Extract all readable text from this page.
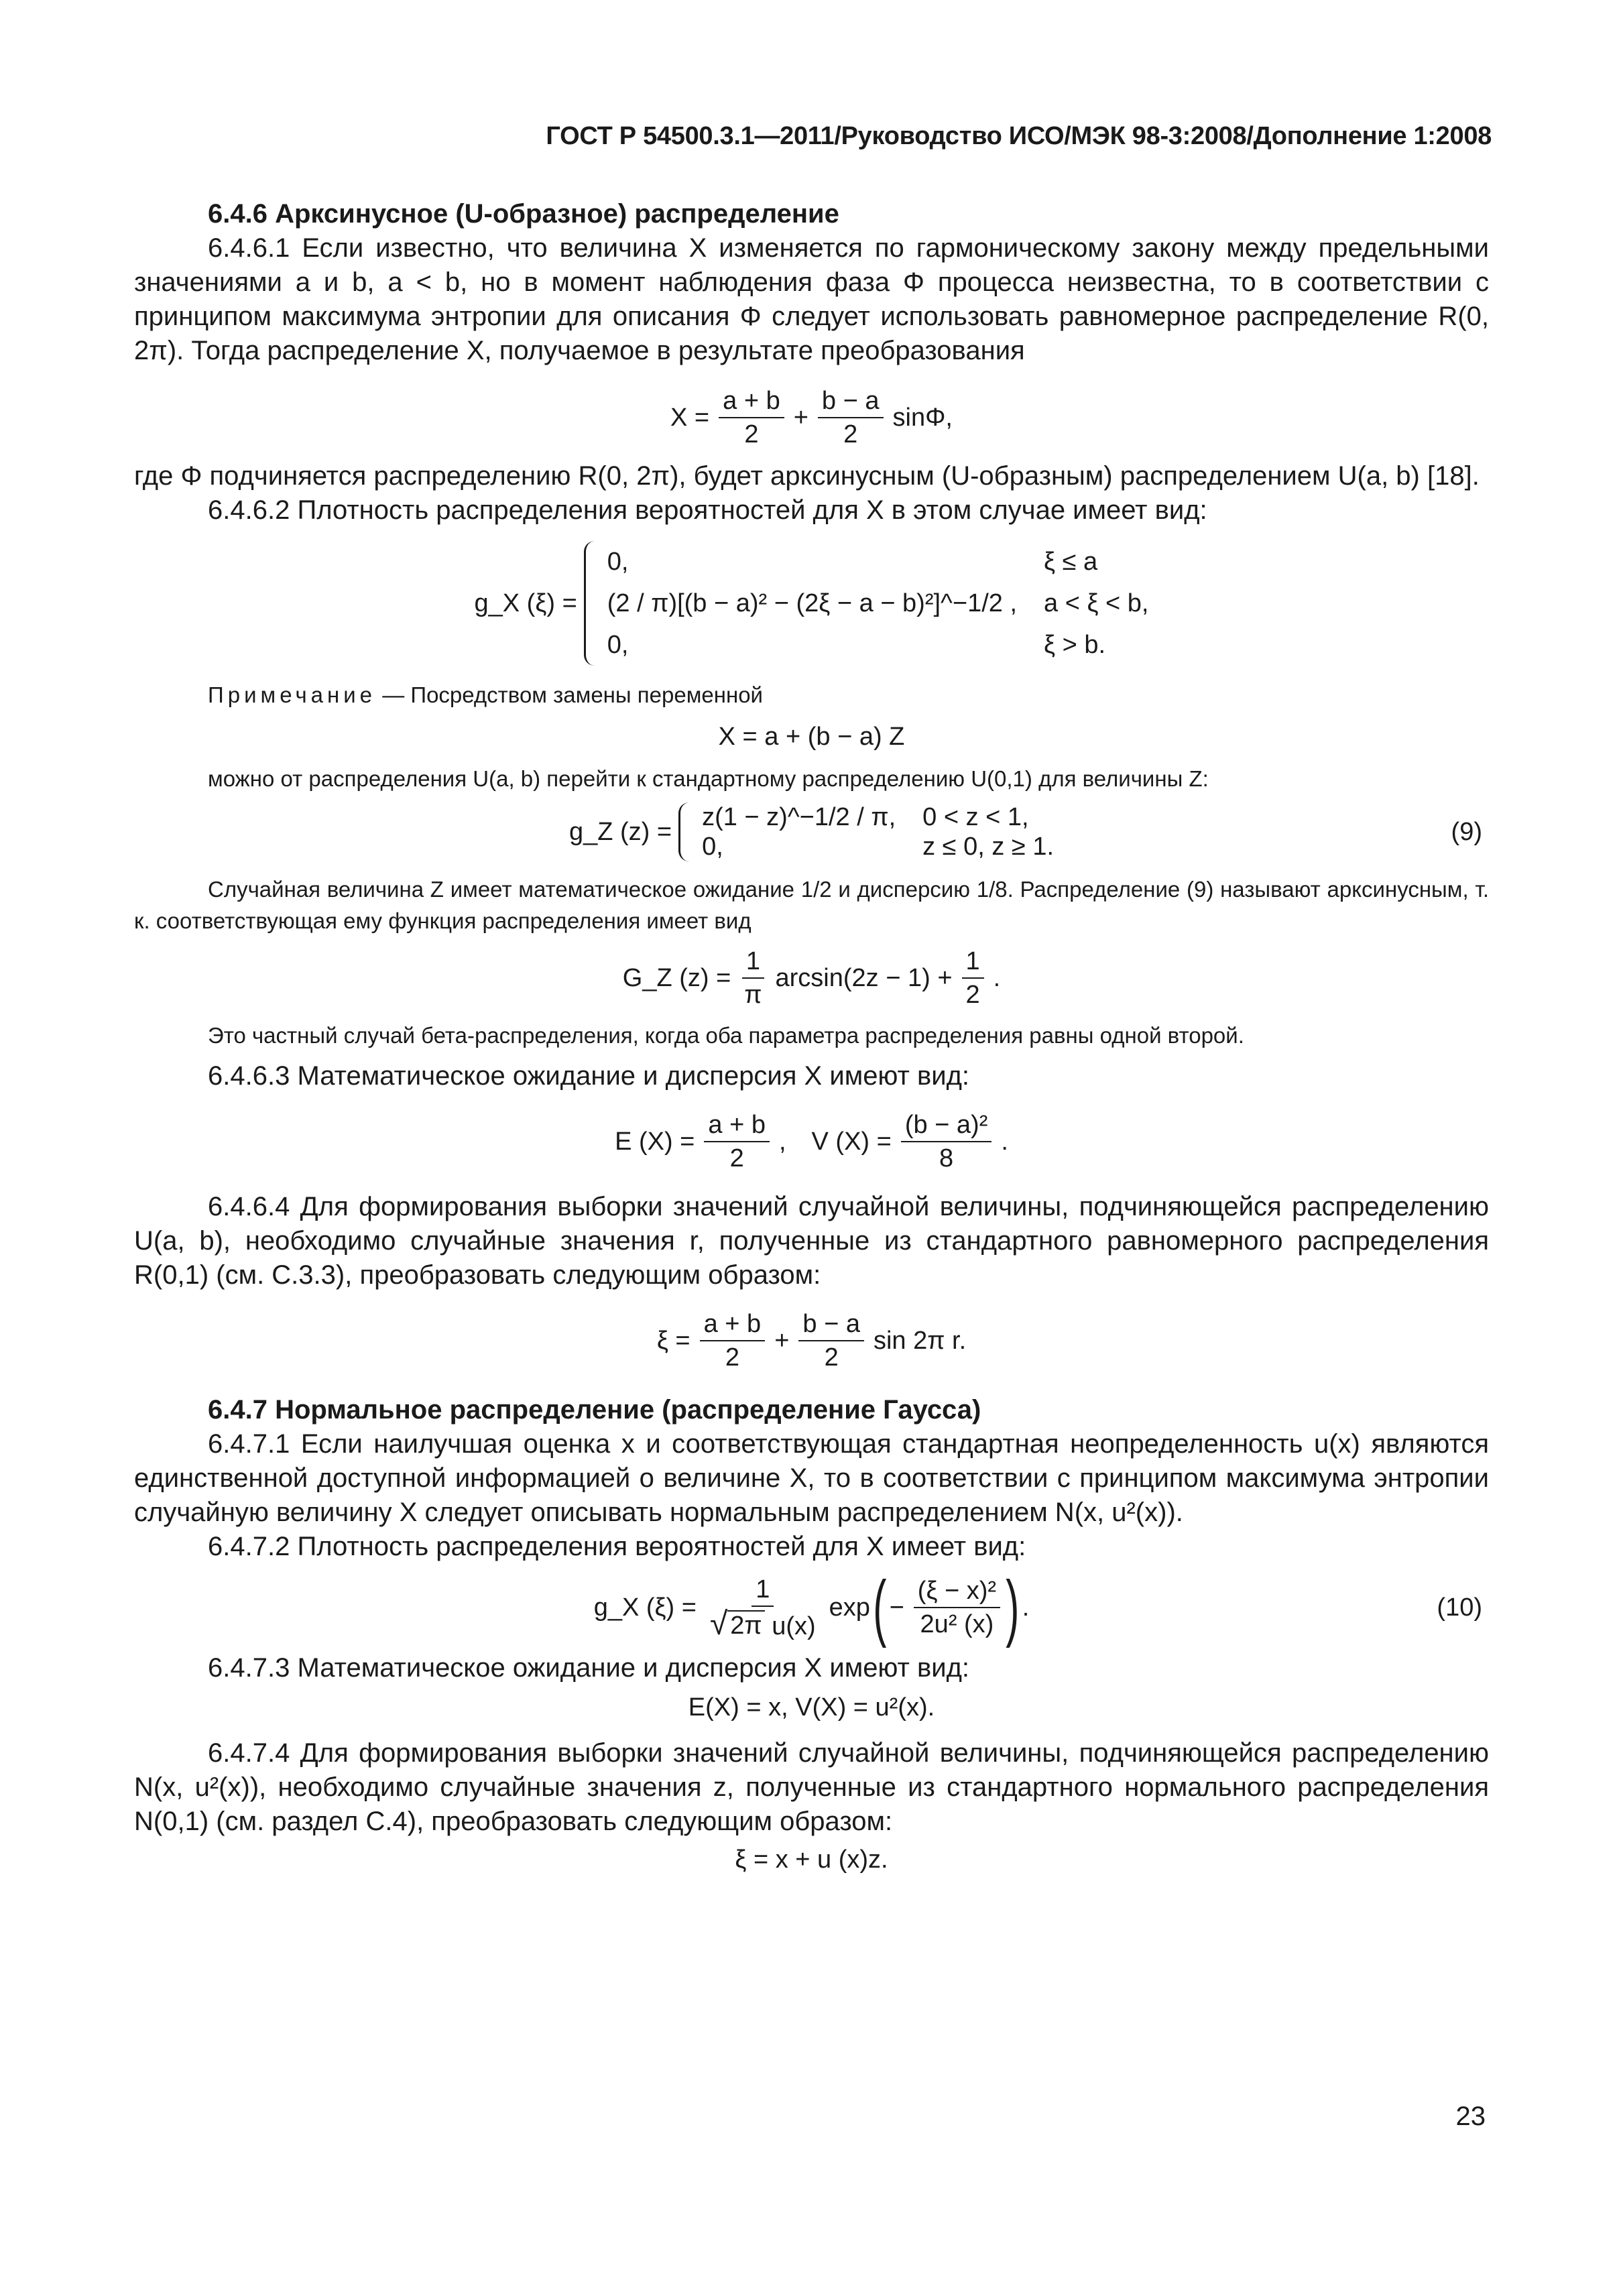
ГОСТ Р 54500.3.1—2011/Руководство ИСО/МЭК 98-3:2008/Дополнение 1:2008
6.4.6 Арксинусное (U-образное) распределение

6.4.6.1 Если известно, что величина X изменяется по гармоническому закону между предельными значениями a и b, a < b, но в момент наблюдения фаза Φ процесса неизвестна, то в соответствии с принципом максимума энтропии для описания Φ следует использовать равномерное распределение R(0, 2π). Тогда распределение X, получаемое в результате преобразования

$X = \frac{a + b}{2} + \frac{b - a}{2} \sin\Phi$,

где Φ подчиняется распределению R(0, 2π), будет арксинусным (U-образным) распределением U(a, b) [18].

6.4.6.2 Плотность распределения вероятностей для X в этом случае имеет вид:

g_X (ξ) =
0,	ξ ≤ a
(2 / π)[(b − a)² − (2ξ − a − b)²]^−1/2 , a < ξ < b,
0,	ξ > b.

Примечание — Посредством замены переменной

X = a + (b − a) Z

можно от распределения U(a, b) перейти к стандартному распределению U(0,1) для величины Z:

g_Z (z) =
z(1 − z)^−1/2 / π, 0 < z < 1,
0,	z ≤ 0, z ≥ 1.
(9)

Случайная величина Z имеет математическое ожидание 1/2 и дисперсию 1/8. Распределение (9) называют арксинусным, т. к. соответствующая ему функция распределения имеет вид

G_Z $(z) = \frac{1}{\pi} \arcsin(2z - 1) + \frac{1}{2}$ .

Это частный случай бета-распределения, когда оба параметра распределения равны одной второй.

6.4.6.3 Математическое ожидание и дисперсия X имеют вид:

E $(X) = \frac{a + b}{2}$ , V $(X) = \frac{\text{(b − a)²}}{8}$ .

6.4.6.4 Для формирования выборки значений случайной величины, подчиняющейся распределению U(a, b), необходимо случайные значения r, полученные из стандартного равномерного распределения R(0,1) (см. С.3.3), преобразовать следующим образом:

$\xi = \frac{a + b}{2} + \frac{b - a}{2}$ sin 2π r.
6.4.7 Нормальное распределение (распределение Гаусса)

6.4.7.1 Если наилучшая оценка x и соответствующая стандартная неопределенность u(x) являются единственной доступной информацией о величине X, то в соответствии с принципом максимума энтропии случайную величину X следует описывать нормальным распределением N(x, u²(x)).

6.4.7.2 Плотность распределения вероятностей для X имеет вид:

g_X $(\xi) = \frac{1}{\text{√ 2π u(x)}}$ exp ( − $\frac{\text{(ξ − x)²}}{\text{2u² (x)}}$ ) .	(10)

6.4.7.3 Математическое ожидание и дисперсия X имеют вид:

E(X) = x, V(X) = u²(x).

6.4.7.4 Для формирования выборки значений случайной величины, подчиняющейся распределению N(x, u²(x)), необходимо случайные значения z, полученные из стандартного нормального распределения N(0,1) (см. раздел С.4), преобразовать следующим образом:

ξ = x + u (x)z.
23
